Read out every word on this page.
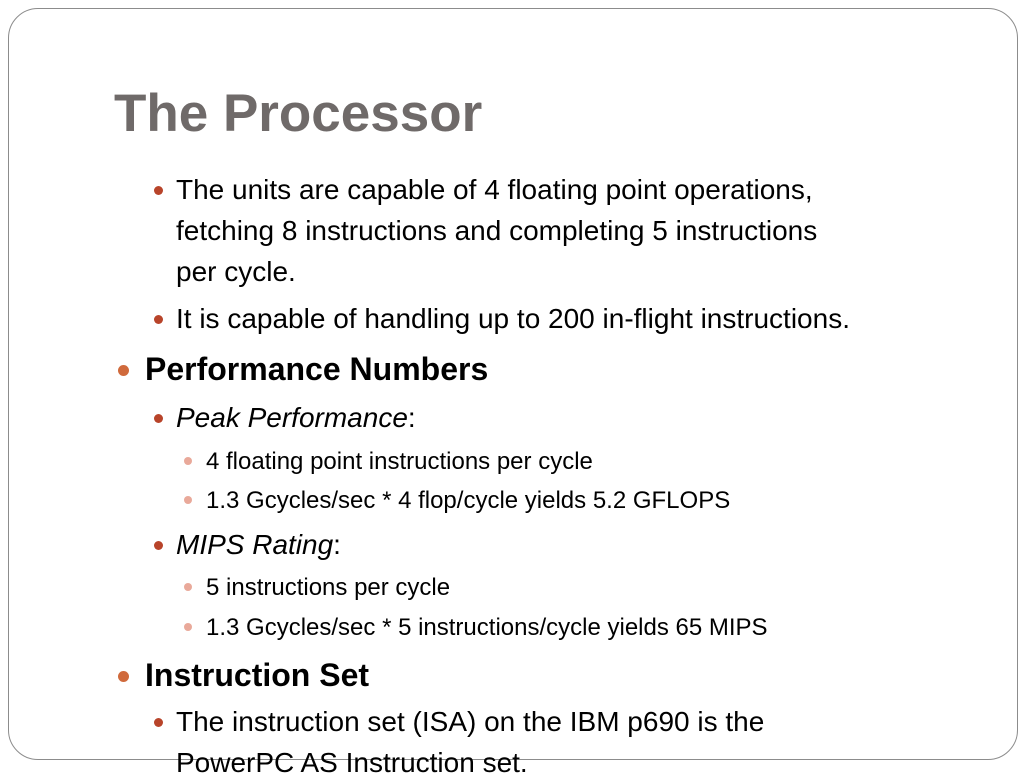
The Processor
The units are capable of 4 floating point operations,
fetching 8 instructions and completing 5 instructions
per cycle.
It is capable of handling up to 200 in-flight instructions.
Performance Numbers
Peak Performance:
4 floating point instructions per cycle
1.3 Gcycles/sec * 4 flop/cycle yields 5.2 GFLOPS
MIPS Rating:
5 instructions per cycle
1.3 Gcycles/sec * 5 instructions/cycle yields 65 MIPS
Instruction Set
The instruction set (ISA) on the IBM p690 is the
PowerPC AS Instruction set.
